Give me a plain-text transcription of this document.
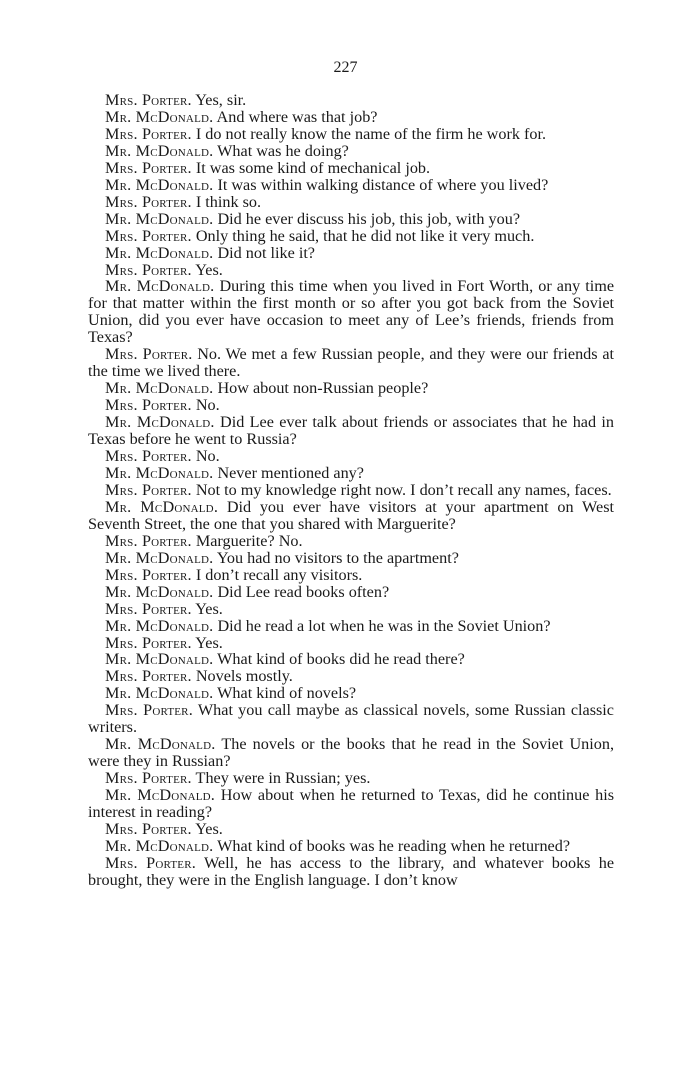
227

Mrs. Porter. Yes, sir.

Mr. McDonald. And where was that job?

Mrs. Porter. I do not really know the name of the firm he work for.

Mr. McDonald. What was he doing?

Mrs. Porter. It was some kind of mechanical job.

Mr. McDonald. It was within walking distance of where you lived?

Mrs. Porter. I think so.

Mr. McDonald. Did he ever discuss his job, this job, with you?

Mrs. Porter. Only thing he said, that he did not like it very much.

Mr. McDonald. Did not like it?

Mrs. Porter. Yes.

Mr. McDonald. During this time when you lived in Fort Worth, or any time for that matter within the first month or so after you got back from the Soviet Union, did you ever have occasion to meet any of Lee’s friends, friends from Texas?

Mrs. Porter. No. We met a few Russian people, and they were our friends at the time we lived there.

Mr. McDonald. How about non-Russian people?

Mrs. Porter. No.

Mr. McDonald. Did Lee ever talk about friends or associates that he had in Texas before he went to Russia?

Mrs. Porter. No.

Mr. McDonald. Never mentioned any?

Mrs. Porter. Not to my knowledge right now. I don’t recall any names, faces.

Mr. McDonald. Did you ever have visitors at your apartment on West Seventh Street, the one that you shared with Marguerite?

Mrs. Porter. Marguerite? No.

Mr. McDonald. You had no visitors to the apartment?

Mrs. Porter. I don’t recall any visitors.

Mr. McDonald. Did Lee read books often?

Mrs. Porter. Yes.

Mr. McDonald. Did he read a lot when he was in the Soviet Union?

Mrs. Porter. Yes.

Mr. McDonald. What kind of books did he read there?

Mrs. Porter. Novels mostly.

Mr. McDonald. What kind of novels?

Mrs. Porter. What you call maybe as classical novels, some Russian classic writers.

Mr. McDonald. The novels or the books that he read in the Soviet Union, were they in Russian?

Mrs. Porter. They were in Russian; yes.

Mr. McDonald. How about when he returned to Texas, did he continue his interest in reading?

Mrs. Porter. Yes.

Mr. McDonald. What kind of books was he reading when he returned?

Mrs. Porter. Well, he has access to the library, and whatever books he brought, they were in the English language. I don’t know
